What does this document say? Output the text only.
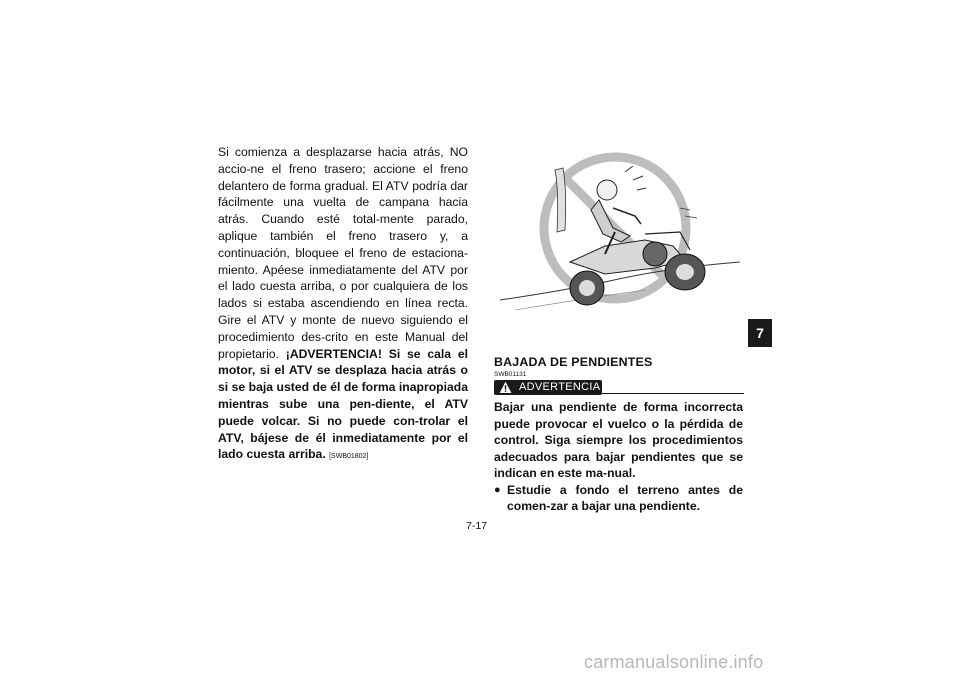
Si comienza a desplazarse hacia atrás, NO accio-ne el freno trasero; accione el freno delantero de forma gradual. El ATV podría dar fácilmente una vuelta de campana hacia atrás. Cuando esté total-mente parado, aplique también el freno trasero y, a continuación, bloquee el freno de estaciona-miento. Apéese inmediatamente del ATV por el lado cuesta arriba, o por cualquiera de los lados si estaba ascendiendo en línea recta. Gire el ATV y monte de nuevo siguiendo el procedimiento des-crito en este Manual del propietario. ¡ADVERTENCIA! Si se cala el motor, si el ATV se desplaza hacia atrás o si se baja usted de él de forma inapropiada mientras sube una pen-diente, el ATV puede volcar. Si no puede con-trolar el ATV, bájese de él inmediatamente por el lado cuesta arriba. [SWB01802]
BAJADA DE PENDIENTES
SWB01131
ADVERTENCIA
Bajar una pendiente de forma incorrecta puede provocar el vuelco o la pérdida de control. Siga siempre los procedimientos adecuados para bajar pendientes que se indican en este ma-nual.
● Estudie a fondo el terreno antes de comen-zar a bajar una pendiente.
7
7-17
carmanualsonline.info
